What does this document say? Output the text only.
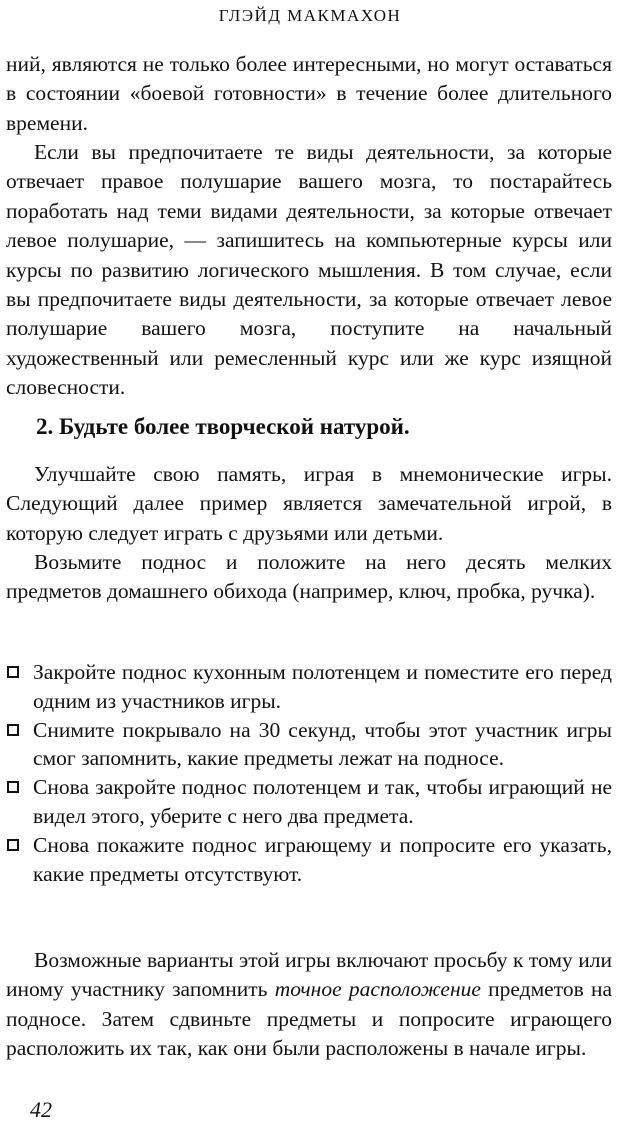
ГЛЭЙД МАКМАХОН

ний, являются не только более интересными, но могут оставаться в состоянии «боевой готовности» в течение более длительного времени.

Если вы предпочитаете те виды деятельности, за которые отвечает правое полушарие вашего мозга, то постарайтесь поработать над теми видами деятельности, за которые отвечает левое полушарие, — запишитесь на компьютерные курсы или курсы по развитию логического мышления. В том случае, если вы предпочитаете виды деятельности, за которые отвечает левое полушарие вашего мозга, поступите на начальный художественный или ремесленный курс или же курс изящной словесности.

2. Будьте более творческой натурой.

Улучшайте свою память, играя в мнемонические игры. Следующий далее пример является замечательной игрой, в которую следует играть с друзьями или детьми.

Возьмите поднос и положите на него десять мелких предметов домашнего обихода (например, ключ, пробка, ручка).

Закройте поднос кухонным полотенцем и поместите его перед одним из участников игры.
Снимите покрывало на 30 секунд, чтобы этот участник игры смог запомнить, какие предметы лежат на подносе.
Снова закройте поднос полотенцем и так, чтобы играющий не видел этого, уберите с него два предмета.
Снова покажите поднос играющему и попросите его указать, какие предметы отсутствуют.

Возможные варианты этой игры включают просьбу к тому или иному участнику запомнить точное расположение предметов на подносе. Затем сдвиньте предметы и попросите играющего расположить их так, как они были расположены в начале игры.

42
